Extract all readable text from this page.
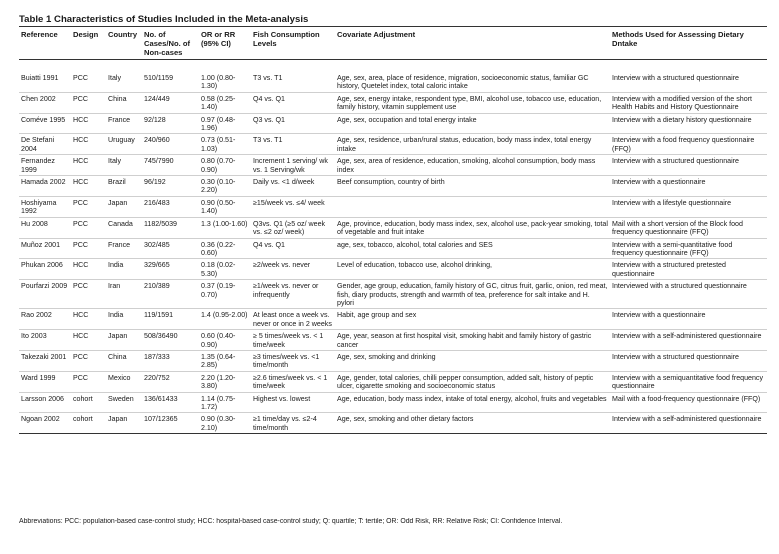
Table 1 Characteristics of Studies Included in the Meta-analysis
Reference	Design	Country	No. of Cases/No. of Non-cases	OR or RR (95% CI)	Fish Consumption Levels	Covariate Adjustment	Methods Used for Assessing Dietary Dntake
Buiatti 1991	PCC	Italy	510/1159	1.00 (0.80-1.30)	T3 vs. T1	Age, sex, area, place of residence, migration, socioeconomic status, familiar GC history, Quetelet index, total caloric intake	Interview with a structured questionnaire
Chen 2002	PCC	China	124/449	0.58 (0.25-1.40)	Q4 vs. Q1	Age, sex, energy intake, respondent type, BMI, alcohol use, tobacco use, education, family history, vitamin supplement use	Interview with a modified version of the short Health Habits and History Questionnaire
Coméve 1995	HCC	France	92/128	0.97 (0.48-1.96)	Q3 vs. Q1	Age, sex, occupation and total energy intake	Interview with a dietary history questionnaire
De Stefani 2004	HCC	Uruguay	240/960	0.73 (0.51-1.03)	T3 vs. T1	Age, sex, residence, urban/rural status, education, body mass index, total energy intake	Interview with a food frequency questionnaire (FFQ)
Fernandez 1999	HCC	Italy	745/7990	0.80 (0.70-0.90)	Increment 1 serving/ wk vs. 1 Serving/wk	Age, sex, area of residence, education, smoking, alcohol consumption, body mass index	Interview with a structured questionnaire
Hamada 2002	HCC	Brazil	96/192	0.30 (0.10-2.20)	Daily vs. <1 d/week	Beef consumption, country of birth	Interview with a questionnaire
Hoshiyama 1992	PCC	Japan	216/483	0.90 (0.50-1.40)	≥15/week vs. ≤4/ week		Interview with a lifestyle questionnaire
Hu 2008	PCC	Canada	1182/5039	1.3 (1.00-1.60)	Q3vs. Q1 (≥5 oz/ week vs. ≤2 oz/ week)	Age, province, education, body mass index, sex, alcohol use, pack-year smoking, total of vegetable and fruit intake	Mail with a short version of the Block food frequency questionnaire (FFQ)
Muñoz 2001	PCC	France	302/485	0.36 (0.22-0.60)	Q4 vs. Q1	age, sex, tobacco, alcohol, total calories and SES	Interview with a semi-quantitative food frequency questionnaire (FFQ)
Phukan 2006	HCC	India	329/665	0.18 (0.02-5.30)	≥2/week vs. never	Level of education, tobacco use, alcohol drinking,	Interview with a structured pretested questionnaire
Pourfarzi 2009	PCC	Iran	210/389	0.37 (0.19-0.70)	≥1/week vs. never or infrequently	Gender, age group, education, family history of GC, citrus fruit, garlic, onion, red meat, fish, diary products, strength and warmth of tea, preference for salt intake and H. pylori	Interviewed with a structured questionnaire
Rao 2002	HCC	India	119/1591	1.4 (0.95-2.00)	At least once a week vs. never or once in 2 weeks	Habit, age group and sex	Interview with a questionnaire
Ito 2003	HCC	Japan	508/36490	0.60 (0.40-0.90)	≥ 5 times/week vs. < 1 time/week	Age, year, season at first hospital visit, smoking habit and family history of gastric cancer	Interview with a self-administered questionnaire
Takezaki 2001	PCC	China	187/333	1.35 (0.64-2.85)	≥3 times/week vs. <1 time/month	Age, sex, smoking and drinking	Interview with a structured questionnaire
Ward 1999	PCC	Mexico	220/752	2.20 (1.20-3.80)	≥2.6 times/week vs. < 1 time/week	Age, gender, total calories, chilli pepper consumption, added salt, history of peptic ulcer, cigarette smoking and socioeconomic status	Interview with a semiquantitative food frequency questionnaire
Larsson 2006	cohort	Sweden	136/61433	1.14 (0.75-1.72)	Highest vs. lowest	Age, education, body mass index, intake of total energy, alcohol, fruits and vegetables	Mail with a food-frequency questionnaire (FFQ)
Ngoan 2002	cohort	Japan	107/12365	0.90 (0.30-2.10)	≥1 time/day vs. ≤2-4 time/month	Age, sex, smoking and other dietary factors	Interview with a self-administered questionnaire
Abbreviations: PCC: population-based case-control study; HCC: hospital-based case-control study; Q: quartile; T: tertile; OR: Odd Risk, RR: Relative Risk; CI: Confidence Interval.
